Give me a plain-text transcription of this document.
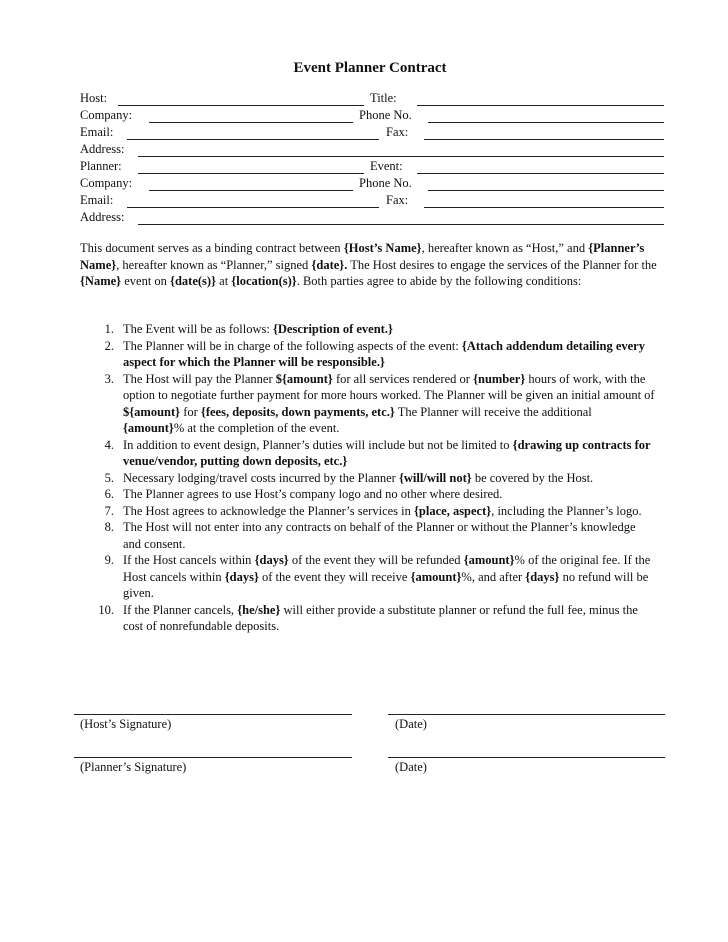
Event Planner Contract
Host:	Title:
Company:	Phone No.
Email:	Fax:
Address:
Planner:	Event:
Company:	Phone No.
Email:	Fax:
Address:

This document serves as a binding contract between {Host’s Name}, hereafter known as “Host,” and {Planner’s Name}, hereafter known as “Planner,” signed {date}. The Host desires to engage the services of the Planner for the {Name} event on {date(s)} at {location(s)}. Both parties agree to abide by the following conditions:

1. The Event will be as follows: {Description of event.}
2. The Planner will be in charge of the following aspects of the event: {Attach addendum detailing every aspect for which the Planner will be responsible.}
3. The Host will pay the Planner ${amount} for all services rendered or {number} hours of work, with the option to negotiate further payment for more hours worked. The Planner will be given an initial amount of ${amount} for {fees, deposits, down payments, etc.} The Planner will receive the additional {amount}% at the completion of the event.
4. In addition to event design, Planner’s duties will include but not be limited to {drawing up contracts for venue/vendor, putting down deposits, etc.}
5. Necessary lodging/travel costs incurred by the Planner {will/will not} be covered by the Host.
6. The Planner agrees to use Host’s company logo and no other where desired.
7. The Host agrees to acknowledge the Planner’s services in {place, aspect}, including the Planner’s logo.
8. The Host will not enter into any contracts on behalf of the Planner or without the Planner’s knowledge and consent.
9. If the Host cancels within {days} of the event they will be refunded {amount}% of the original fee. If the Host cancels within {days} of the event they will receive {amount}%, and after {days} no refund will be given.
10. If the Planner cancels, {he/she} will either provide a substitute planner or refund the full fee, minus the cost of nonrefundable deposits.
(Host’s Signature)	(Date)
(Planner’s Signature)	(Date)
